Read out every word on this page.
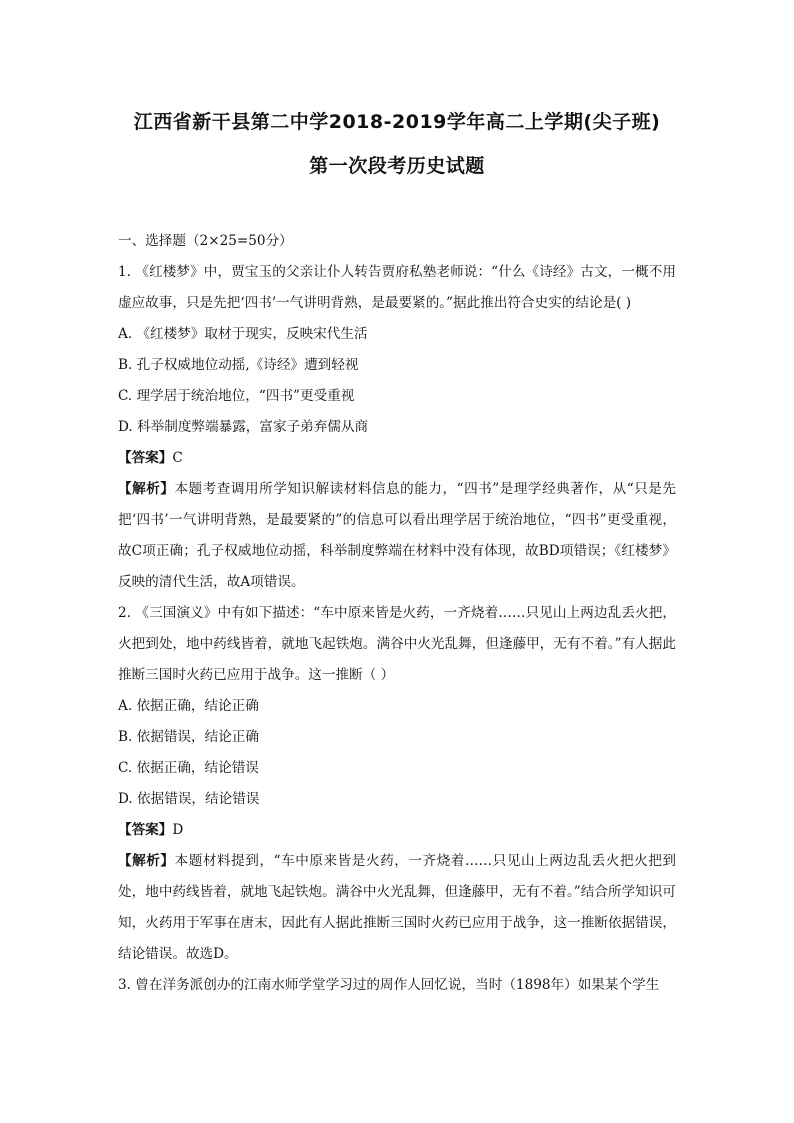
江西省新干县第二中学2018-2019学年高二上学期(尖子班)
第一次段考历史试题

一、选择题（2×25=50分）

1. 《红楼梦》中，贾宝玉的父亲让仆人转告贾府私塾老师说：“什么《诗经》古文，一概不用虚应故事，只是先把‘四书’一气讲明背熟，是最要紧的。”据此推出符合史实的结论是( )

A. 《红楼梦》取材于现实，反映宋代生活

B. 孔子权威地位动摇,《诗经》遭到轻视

C. 理学居于统治地位，“四书”更受重视

D. 科举制度弊端暴露，富家子弟弃儒从商

【答案】C

【解析】本题考查调用所学知识解读材料信息的能力，“四书”是理学经典著作，从“只是先把‘四书’一气讲明背熟，是最要紧的”的信息可以看出理学居于统治地位，“四书”更受重视，故C项正确；孔子权威地位动摇，科举制度弊端在材料中没有体现，故BD项错误；《红楼梦》反映的清代生活，故A项错误。

2. 《三国演义》中有如下描述：“车中原来皆是火药，一齐烧着……只见山上两边乱丢火把，火把到处，地中药线皆着，就地飞起铁炮。满谷中火光乱舞，但逢藤甲，无有不着。”有人据此推断三国时火药已应用于战争。这一推断（ ）

A. 依据正确，结论正确

B. 依据错误，结论正确

C. 依据正确，结论错误

D. 依据错误，结论错误

【答案】D

【解析】本题材料提到，“车中原来皆是火药，一齐烧着……只见山上两边乱丢火把火把到处，地中药线皆着，就地飞起铁炮。满谷中火光乱舞，但逢藤甲，无有不着。”结合所学知识可知，火药用于军事在唐末，因此有人据此推断三国时火药已应用于战争，这一推断依据错误，结论错误。故选D。

3. 曾在洋务派创办的江南水师学堂学习过的周作人回忆说，当时（1898年）如果某个学生
